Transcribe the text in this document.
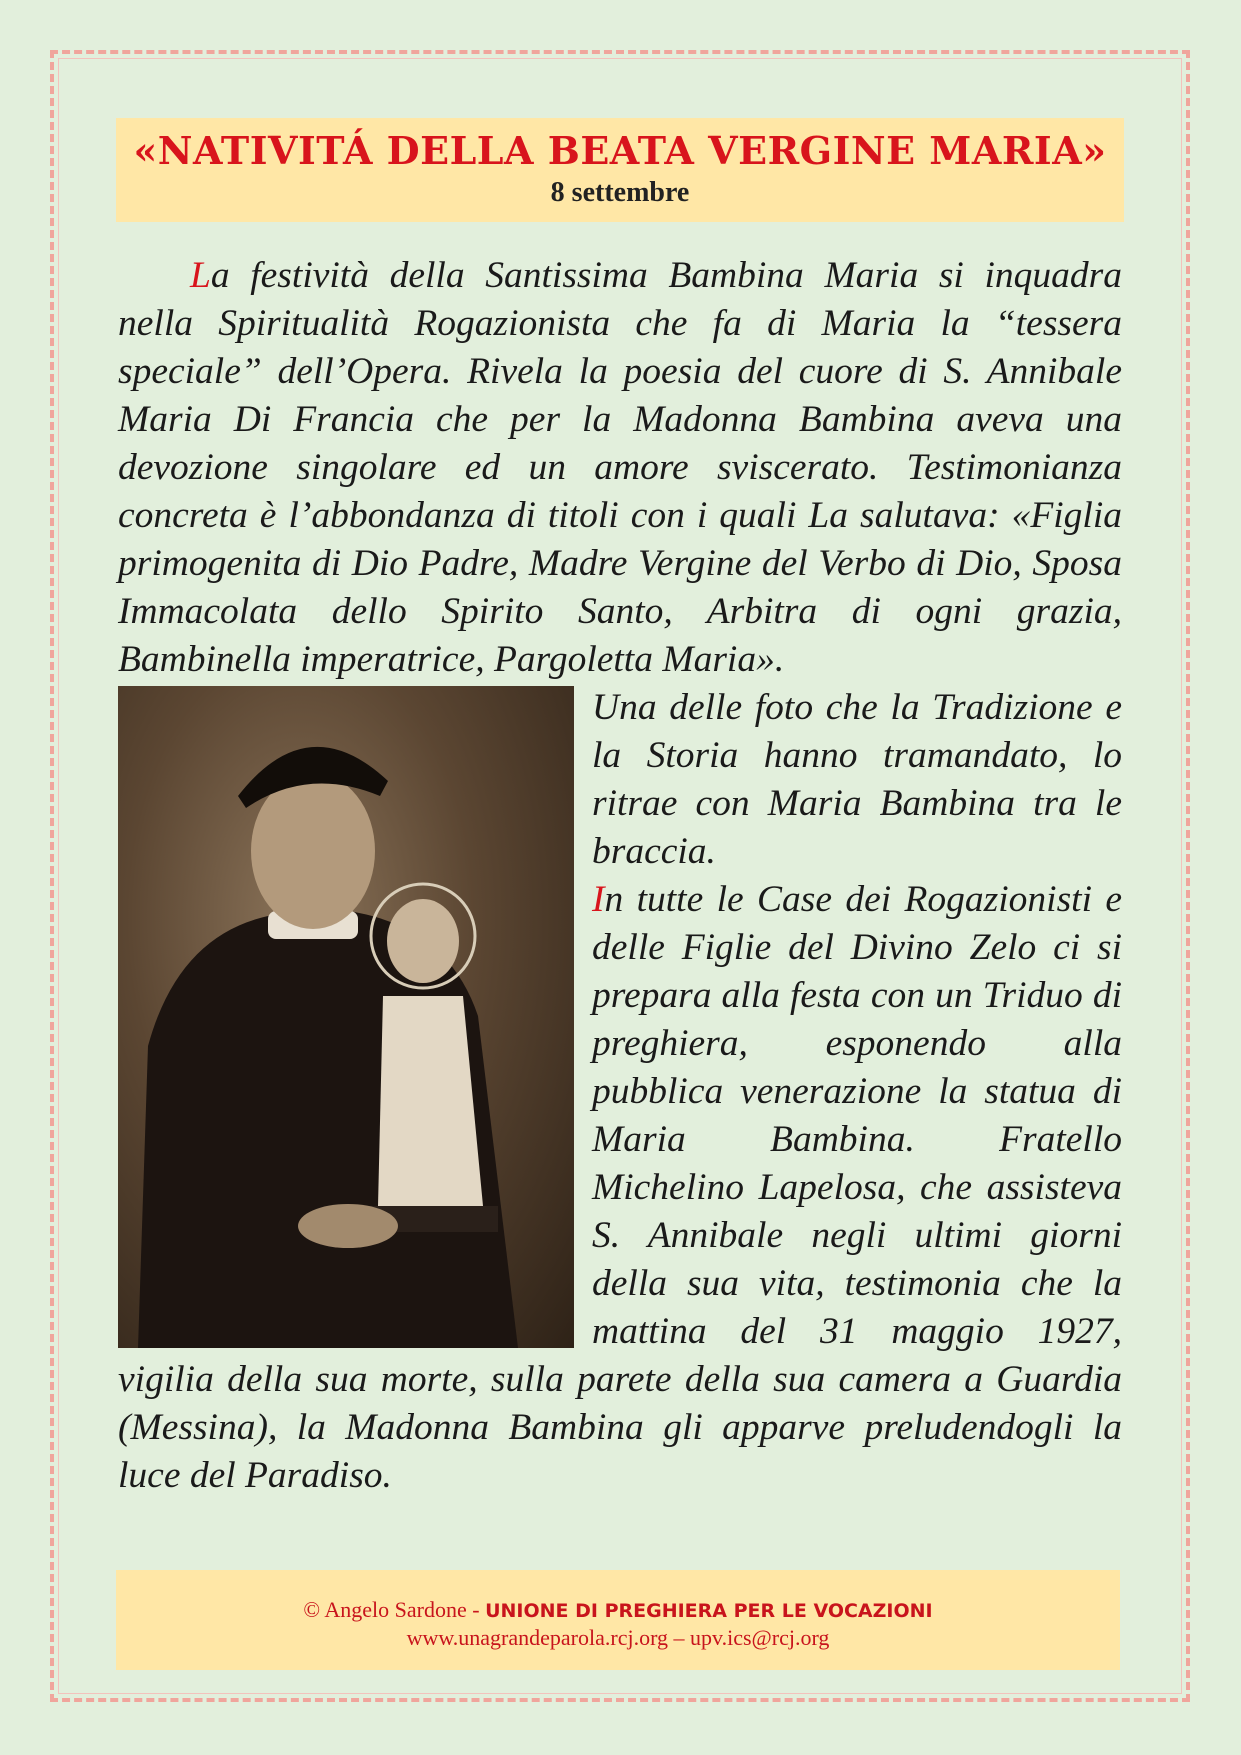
«NATIVITÁ DELLA BEATA VERGINE MARIA»

8 settembre

La festività della Santissima Bambina Maria si inquadra nella Spiritualità Rogazionista che fa di Maria la “tessera speciale” dell’Opera. Rivela la poesia del cuore di S. Annibale Maria Di Francia che per la Madonna Bambina aveva una devozione singolare ed un amore sviscerato. Testimonianza concreta è l’abbondanza di titoli con i quali La salutava: «Figlia primogenita di Dio Padre, Madre Vergine del Verbo di Dio, Sposa Immacolata dello Spirito Santo, Arbitra di ogni grazia, Bambinella imperatrice, Pargoletta Maria».

Una delle foto che la Tradizione e la Storia hanno tramandato, lo ritrae con Maria Bambina tra le braccia.

In tutte le Case dei Rogazionisti e delle Figlie del Divino Zelo ci si prepara alla festa con un Triduo di preghiera, esponendo alla pubblica venerazione la statua di Maria Bambina. Fratello Michelino Lapelosa, che assisteva S. Annibale negli ultimi giorni della sua vita, testimonia che la mattina del 31 maggio 1927, vigilia della sua morte, sulla parete della sua camera a Guardia (Messina), la Madonna Bambina gli apparve preludendogli la luce del Paradiso.

© Angelo Sardone - UNIONE DI PREGHIERA PER LE VOCAZIONI

www.unagrandeparola.rcj.org – upv.ics@rcj.org
